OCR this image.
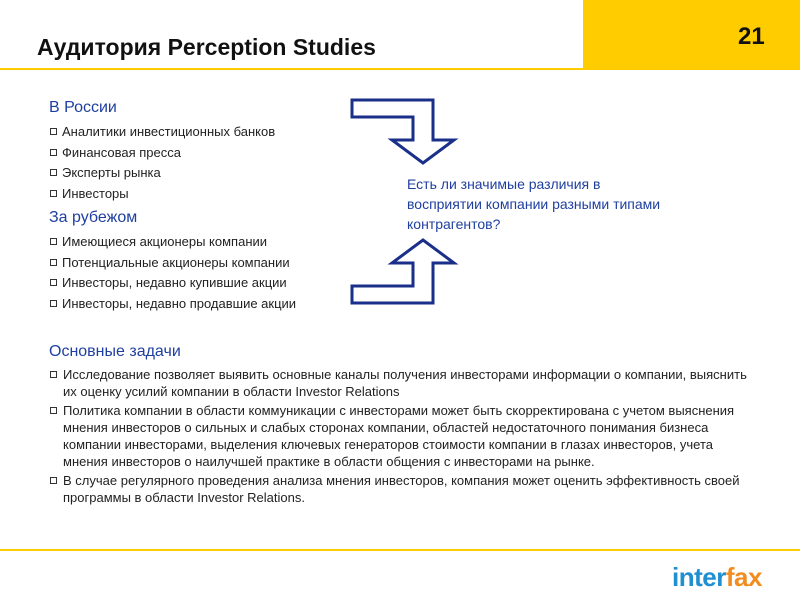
Аудитория Perception Studies	21
В России
Аналитики инвестиционных банков
Финансовая пресса
Эксперты рынка
Инвесторы
За рубежом
Имеющиеся акционеры компании
Потенциальные акционеры компании
Инвесторы, недавно купившие акции
Инвесторы, недавно продавшие акции
Есть ли значимые различия в восприятии компании разными типами контрагентов?
Основные задачи
Исследование позволяет выявить основные каналы получения инвесторами информации о компании, выяснить их оценку усилий компании в области Investor Relations
Политика компании в области коммуникации с инвесторами может быть скорректирована с учетом выяснения мнения инвесторов о сильных и слабых сторонах компании, областей недостаточного понимания бизнеса компании инвесторами, выделения ключевых генераторов стоимости компании в глазах инвесторов, учета мнения инвесторов о наилучшей практике в области общения с инвесторами на рынке.
В случае регулярного проведения анализа мнения инвесторов, компания может оценить эффективность своей программы в области Investor Relations.
interfax
